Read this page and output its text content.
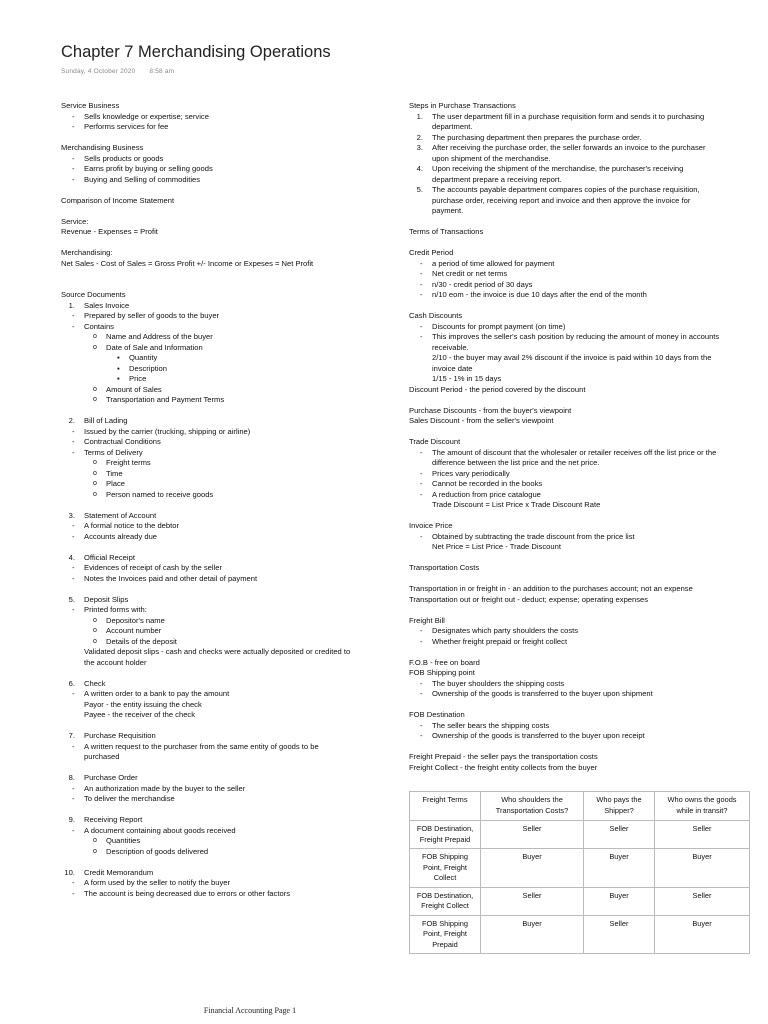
Chapter 7 Merchandising Operations
Sunday, 4 October 2020 8:58 am

Service Business

- Sells knowledge or expertise; service
- Performs services for fee

Merchandising Business

- Sells products or goods
- Earns profit by buying or selling goods
- Buying and Selling of commodities

Comparison of Income Statement

Service:

Revenue - Expenses = Profit

Merchandising:

Net Sales - Cost of Sales = Gross Profit +/- Income or Expeses = Net Profit

Source Documents

1 . Sales Invoice
- Prepared by seller of goods to the buyer
- Contains
o Name and Address of the buyer
o Date of Sale and Information
▪ Quantity
▪ Description
▪ Price
o Amount of Sales
o Transportation and Payment Terms
2 . Bill of Lading
- Issued by the carrier (trucking, shipping or airline)
- Contractual Conditions
- Terms of Delivery
o Freight terms
o Time
o Place
o Person named to receive goods
3 . Statement of Account
- A formal notice to the debtor
- Accounts already due
4 . Official Receipt
- Evidences of receipt of cash by the seller
- Notes the Invoices paid and other detail of payment
5 . Deposit Slips
- Printed forms with:
o Depositor's name
o Account number
o Details of the deposit

Validated deposit slips - cash and checks were actually deposited or credited to

the account holder

6 . Check
- A written order to a bank to pay the amount

Payor - the entity issuing the check

Payee - the receiver of the check

7 . Purchase Requisition
- A written request to the purchaser from the same entity of goods to be

purchased

8 . Purchase Order
- An authorization made by the buyer to the seller
- To deliver the merchandise
9 . Receiving Report
- A document containing about goods received
o Quantities
o Description of goods delivered
10 . Credit Memorandum
- A form used by the seller to notify the buyer
- The account is being decreased due to errors or other factors

Steps in Purchase Transactions

1 . The user department fill in a purchase requisition form and sends it to purchasing
department.
2 . The purchasing department then prepares the purchase order.
3 . After receiving the purchase order, the seller forwards an invoice to the purchaser
upon shipment of the merchandise.
4 . Upon receiving the shipment of the merchandise, the purchaser's receiving
department prepare a receiving report.
5 . The accounts payable department compares copies of the purchase requisition,
purchase order, receiving report and invoice and then approve the invoice for
payment.

Terms of Transactions

Credit Period

- a period of time allowed for payment
- Net credit or net terms
- n/30 - credit period of 30 days
- n/10 eom - the invoice is due 10 days after the end of the month

Cash Discounts

- Discounts for prompt payment (on time)
- This improves the seller's cash position by reducing the amount of money in accounts
receivable.
2/10 - the buyer may avail 2% discount if the invoice is paid within 10 days from the
invoice date
1/15 - 1% in 15 days

Discount Period - the period covered by the discount

Purchase Discounts - from the buyer's viewpoint

Sales Discount - from the seller's viewpoint

Trade Discount

- The amount of discount that the wholesaler or retailer receives off the list price or the
difference between the list price and the net price.
- Prices vary periodically
- Cannot be recorded in the books
- A reduction from price catalogue
Trade Discount = List Price x Trade Discount Rate

Invoice Price

- Obtained by subtracting the trade discount from the price list
Net Price = List Price - Trade Discount

Transportation Costs

Transportation in or freight in - an addition to the purchases account; not an expense

Transportation out or freight out - deduct; expense; operating expenses

Freight Bill

- Designates which party shoulders the costs
- Whether freight prepaid or freight collect

F.O.B - free on board

FOB Shipping point

- The buyer shoulders the shipping costs
- Ownership of the goods is transferred to the buyer upon shipment

FOB Destination

- The seller bears the shipping costs
- Ownership of the goods is transferred to the buyer upon receipt

Freight Prepaid - the seller pays the transportation costs

Freight Collect - the freight entity collects from the buyer

Freight Terms	Who shoulders the Transportation Costs?	Who pays the Shipper?	Who owns the goods while in transit?
FOB Destination, Freight Prepaid	Seller	Seller	Seller
FOB Shipping Point, Freight Collect	Buyer	Buyer	Buyer
FOB Destination, Freight Collect	Seller	Buyer	Seller
FOB Shipping Point, Freight Prepaid	Buyer	Seller	Buyer
Financial Accounting Page 1
